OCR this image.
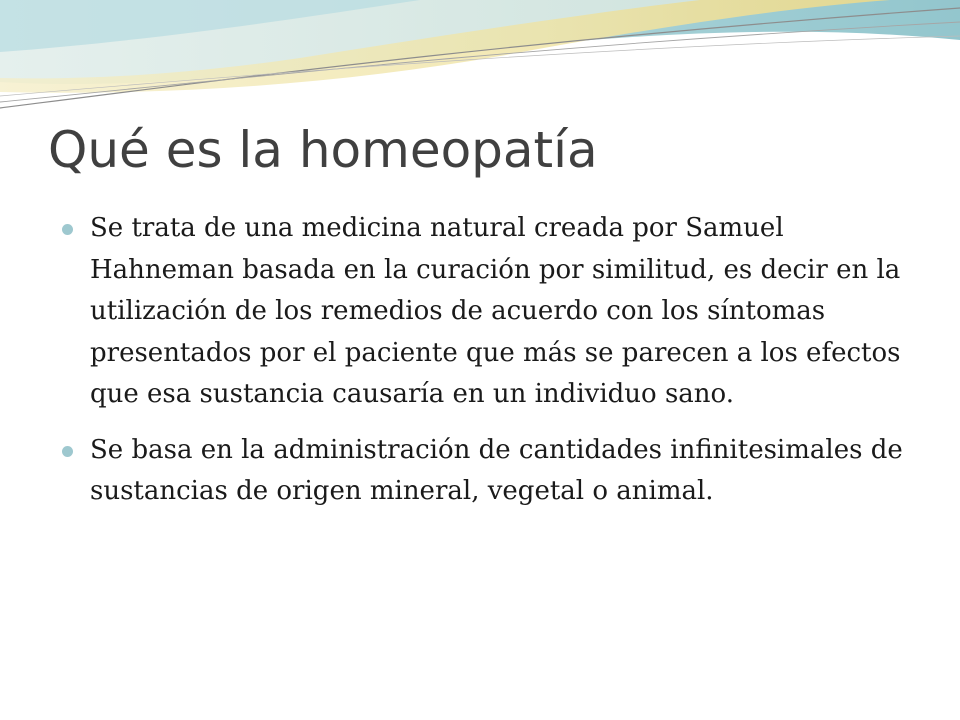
Qué es la homeopatía
Se trata de una medicina natural creada por Samuel Hahneman basada en la curación por similitud, es decir en la utilización de los remedios de acuerdo con los síntomas presentados por el paciente que más se parecen a los efectos que esa sustancia causaría en un individuo sano.
Se basa en la administración de cantidades infinitesimales de sustancias de origen mineral, vegetal o animal.
